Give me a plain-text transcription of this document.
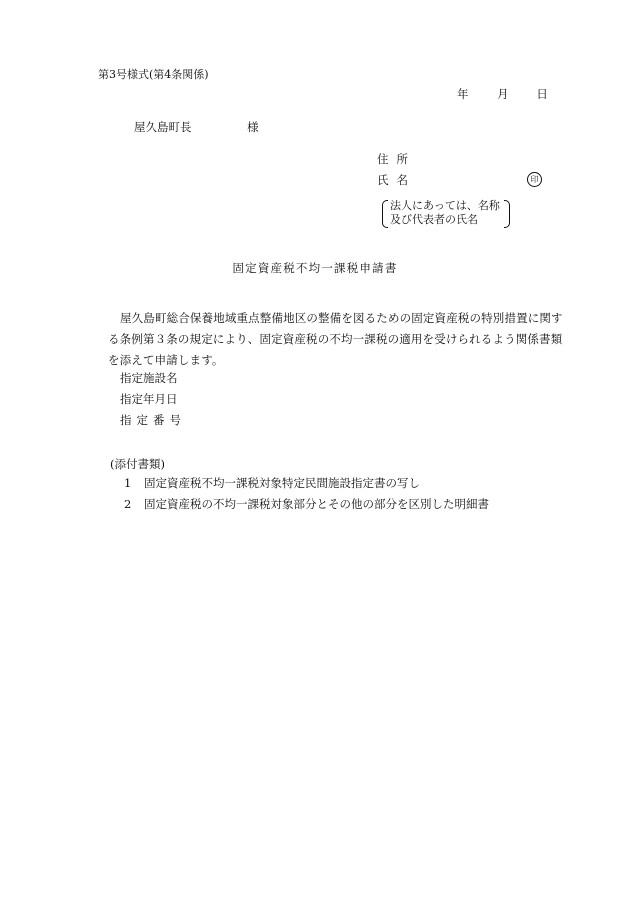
第3号様式(第4条関係)
年 月 日
屋久島町長	様
住所
氏名	印
法人にあっては、名称
及び代表者の氏名
固定資産税不均一課税申請書
屋久島町総合保養地域重点整備地区の整備を図るための固定資産税の特別措置に関する条例第３条の規定により、固定資産税の不均一課税の適用を受けられるよう関係書類を添えて申請します。
指定施設名
指定年月日
指定番号
(添付書類)
1 固定資産税不均一課税対象特定民間施設指定書の写し
2 固定資産税の不均一課税対象部分とその他の部分を区別した明細書
